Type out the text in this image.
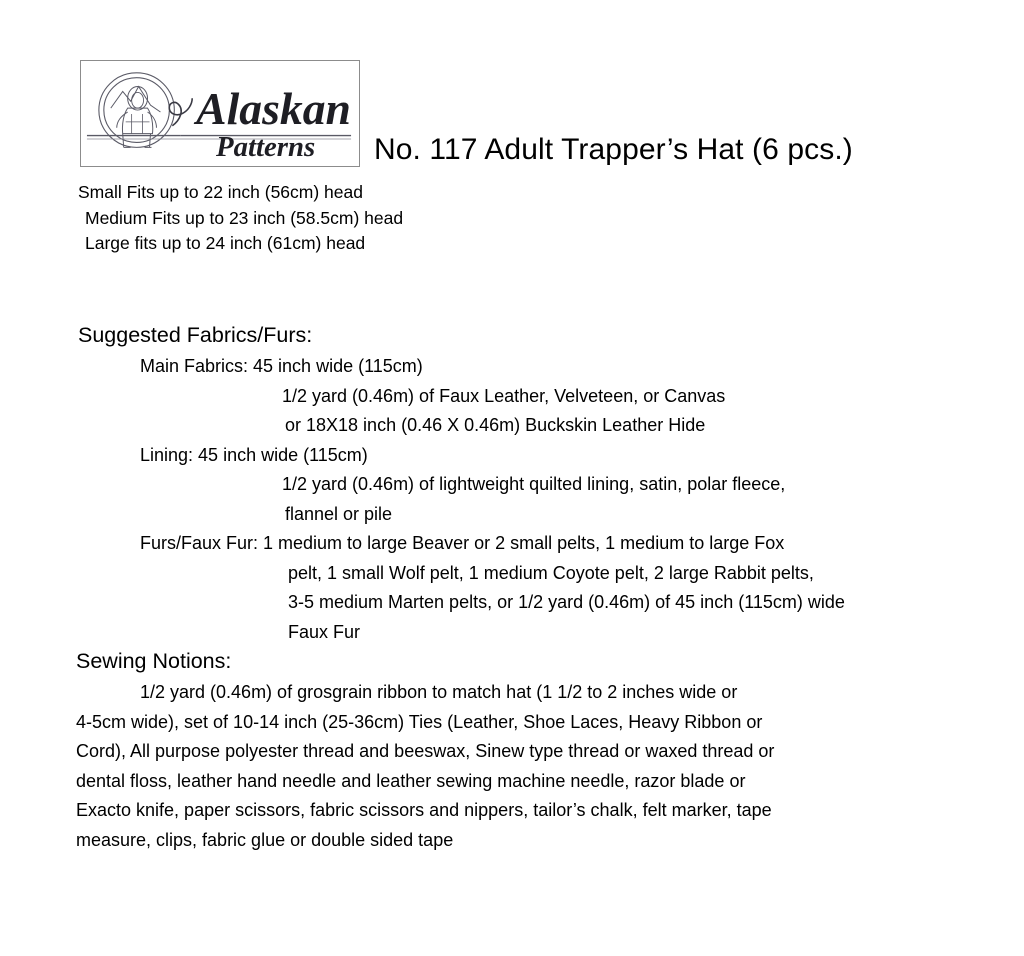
Alaskan
Patterns No. 117 Adult Trapper’s Hat (6 pcs.)
Small Fits up to 22 inch (56cm) head
Medium Fits up to 23 inch (58.5cm) head
Large fits up to 24 inch (61cm) head
Suggested Fabrics/Furs:
Main Fabrics: 45 inch wide (115cm)
1/2 yard (0.46m) of Faux Leather, Velveteen, or Canvas
or 18X18 inch (0.46 X 0.46m) Buckskin Leather Hide
Lining: 45 inch wide (115cm)
1/2 yard (0.46m) of lightweight quilted lining, satin, polar fleece,
flannel or pile
Furs/Faux Fur: 1 medium to large Beaver or 2 small pelts, 1 medium to large Fox
pelt, 1 small Wolf pelt, 1 medium Coyote pelt, 2 large Rabbit pelts,
3-5 medium Marten pelts, or 1/2 yard (0.46m) of 45 inch (115cm) wide
Faux Fur
Sewing Notions:
1/2 yard (0.46m) of grosgrain ribbon to match hat (1 1/2 to 2 inches wide or
4-5cm wide), set of 10-14 inch (25-36cm) Ties (Leather, Shoe Laces, Heavy Ribbon or
Cord), All purpose polyester thread and beeswax, Sinew type thread or waxed thread or
dental floss, leather hand needle and leather sewing machine needle, razor blade or
Exacto knife, paper scissors, fabric scissors and nippers, tailor’s chalk, felt marker, tape
measure, clips, fabric glue or double sided tape
